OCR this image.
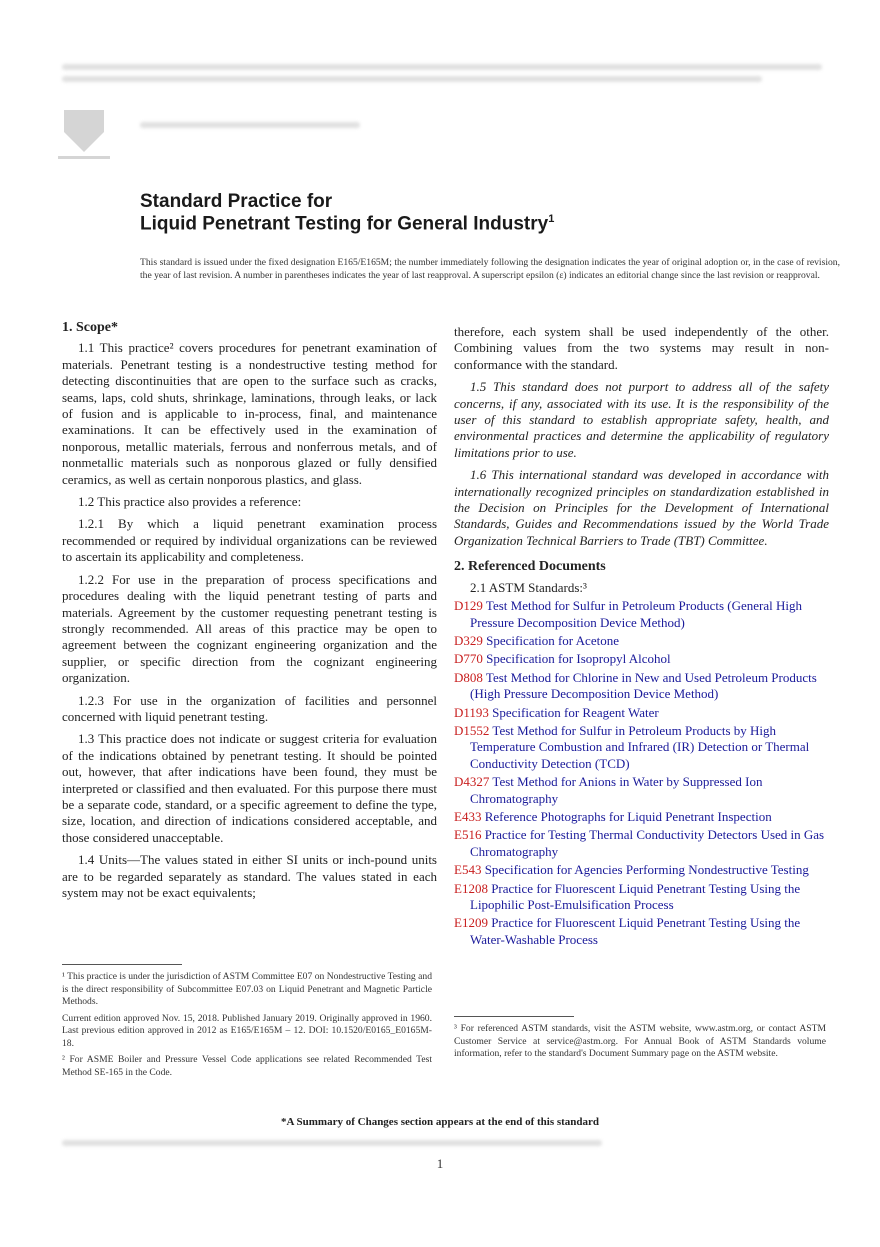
Standard Practice for
Liquid Penetrant Testing for General Industry$^1$
This standard is issued under the fixed designation E165/E165M; the number immediately following the designation indicates the year of original adoption or, in the case of revision, the year of last revision. A number in parentheses indicates the year of last reapproval. A superscript epsilon (ε) indicates an editorial change since the last revision or reapproval.
1. Scope*

1.1 This practice² covers procedures for penetrant examination of materials. Penetrant testing is a nondestructive testing method for detecting discontinuities that are open to the surface such as cracks, seams, laps, cold shuts, shrinkage, laminations, through leaks, or lack of fusion and is applicable to in-process, final, and maintenance examinations. It can be effectively used in the examination of nonporous, metallic materials, ferrous and nonferrous metals, and of nonmetallic materials such as nonporous glazed or fully densified ceramics, as well as certain nonporous plastics, and glass.

1.2 This practice also provides a reference:

1.2.1 By which a liquid penetrant examination process recommended or required by individual organizations can be reviewed to ascertain its applicability and completeness.

1.2.2 For use in the preparation of process specifications and procedures dealing with the liquid penetrant testing of parts and materials. Agreement by the customer requesting penetrant testing is strongly recommended. All areas of this practice may be open to agreement between the cognizant engineering organization and the supplier, or specific direction from the cognizant engineering organization.

1.2.3 For use in the organization of facilities and personnel concerned with liquid penetrant testing.

1.3 This practice does not indicate or suggest criteria for evaluation of the indications obtained by penetrant testing. It should be pointed out, however, that after indications have been found, they must be interpreted or classified and then evaluated. For this purpose there must be a separate code, standard, or a specific agreement to define the type, size, location, and direction of indications considered acceptable, and those considered unacceptable.

1.4 Units—The values stated in either SI units or inch-pound units are to be regarded separately as standard. The values stated in each system may not be exact equivalents;

therefore, each system shall be used independently of the other. Combining values from the two systems may result in non-conformance with the standard.

1.5 This standard does not purport to address all of the safety concerns, if any, associated with its use. It is the responsibility of the user of this standard to establish appropriate safety, health, and environmental practices and determine the applicability of regulatory limitations prior to use.

1.6 This international standard was developed in accordance with internationally recognized principles on standardization established in the Decision on Principles for the Development of International Standards, Guides and Recommendations issued by the World Trade Organization Technical Barriers to Trade (TBT) Committee.

2. Referenced Documents

2.1 ASTM Standards:³

D129 Test Method for Sulfur in Petroleum Products (General High Pressure Decomposition Device Method)
D329 Specification for Acetone
D770 Specification for Isopropyl Alcohol
D808 Test Method for Chlorine in New and Used Petroleum Products (High Pressure Decomposition Device Method)
D1193 Specification for Reagent Water
D1552 Test Method for Sulfur in Petroleum Products by High Temperature Combustion and Infrared (IR) Detection or Thermal Conductivity Detection (TCD)
D4327 Test Method for Anions in Water by Suppressed Ion Chromatography
E433 Reference Photographs for Liquid Penetrant Inspection
E516 Practice for Testing Thermal Conductivity Detectors Used in Gas Chromatography
E543 Specification for Agencies Performing Nondestructive Testing
E1208 Practice for Fluorescent Liquid Penetrant Testing Using the Lipophilic Post-Emulsification Process
E1209 Practice for Fluorescent Liquid Penetrant Testing Using the Water-Washable Process

¹ This practice is under the jurisdiction of ASTM Committee E07 on Nondestructive Testing and is the direct responsibility of Subcommittee E07.03 on Liquid Penetrant and Magnetic Particle Methods.

Current edition approved Nov. 15, 2018. Published January 2019. Originally approved in 1960. Last previous edition approved in 2012 as E165/E165M – 12. DOI: 10.1520/E0165_E0165M-18.

² For ASME Boiler and Pressure Vessel Code applications see related Recommended Test Method SE-165 in the Code.

³ For referenced ASTM standards, visit the ASTM website, www.astm.org, or contact ASTM Customer Service at service@astm.org. For Annual Book of ASTM Standards volume information, refer to the standard's Document Summary page on the ASTM website.

*A Summary of Changes section appears at the end of this standard
1
